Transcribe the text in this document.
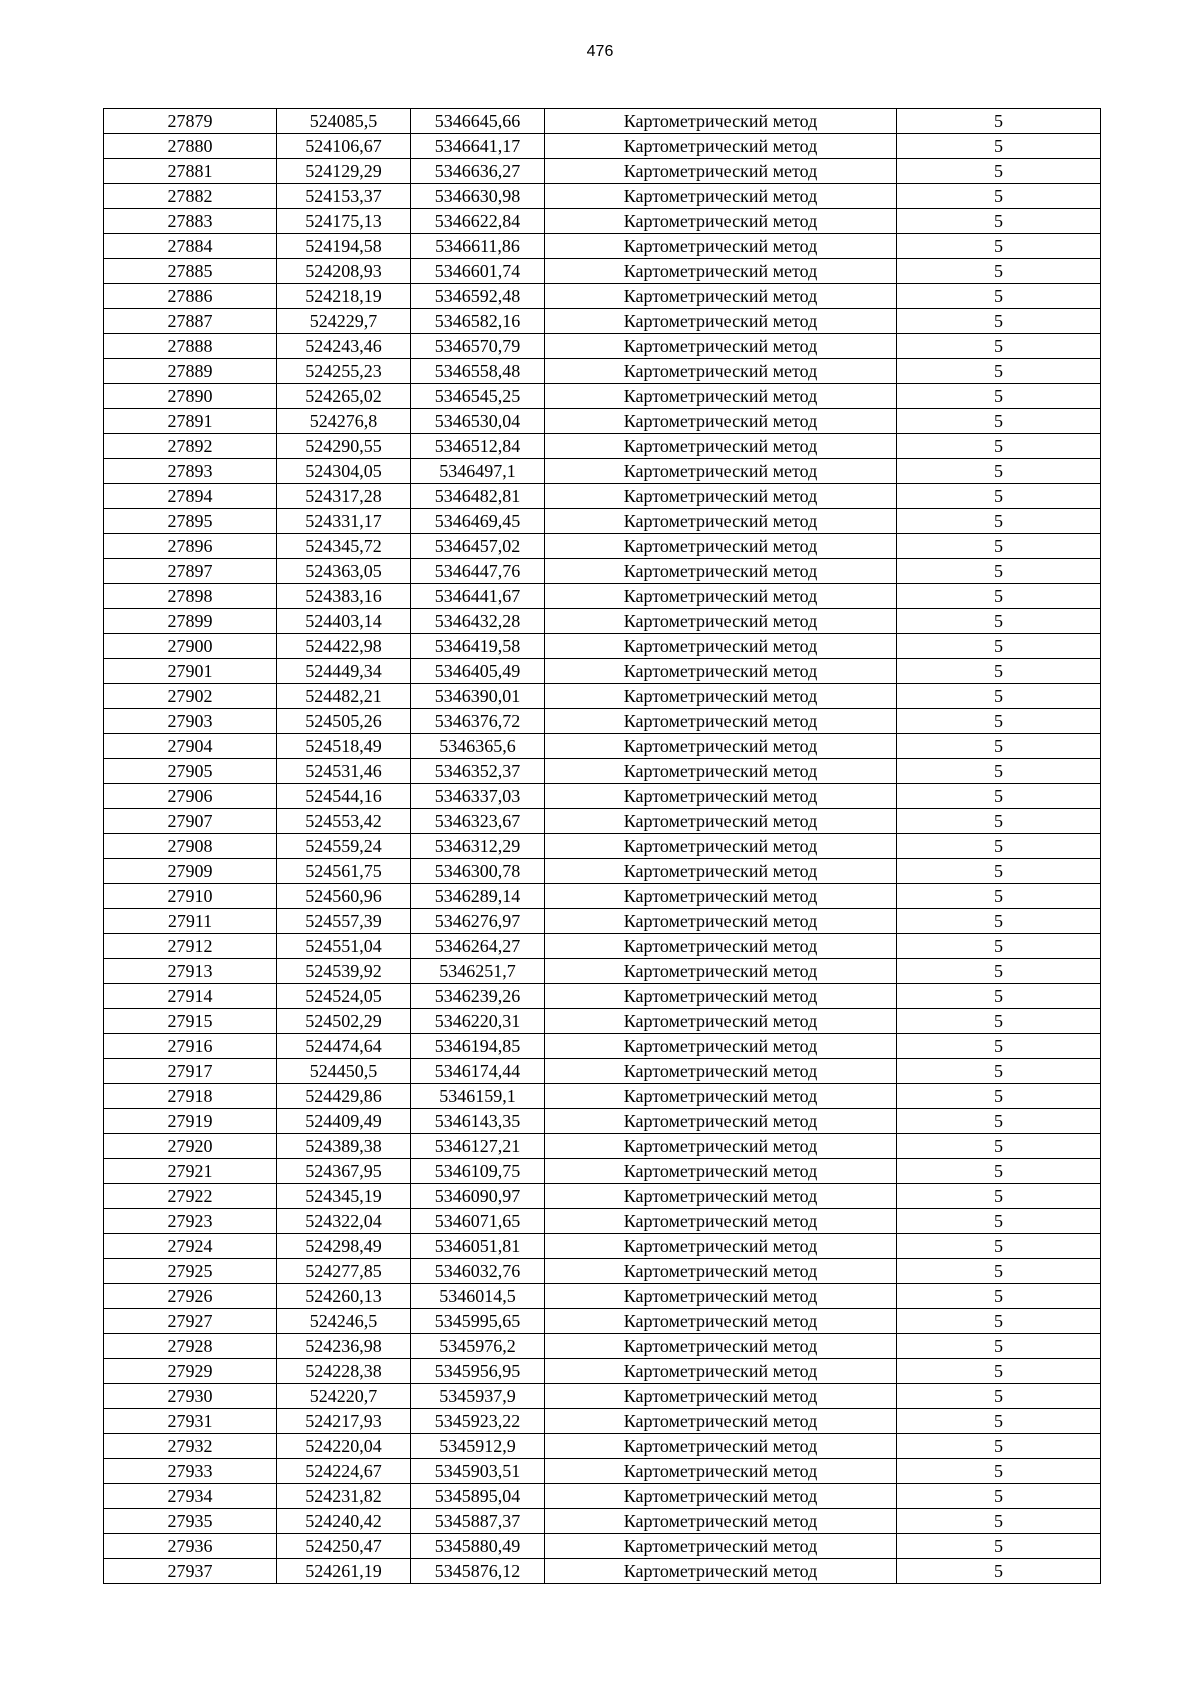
476
27879	524085,5	5346645,66	Картометрический метод	5
27880	524106,67	5346641,17	Картометрический метод	5
27881	524129,29	5346636,27	Картометрический метод	5
27882	524153,37	5346630,98	Картометрический метод	5
27883	524175,13	5346622,84	Картометрический метод	5
27884	524194,58	5346611,86	Картометрический метод	5
27885	524208,93	5346601,74	Картометрический метод	5
27886	524218,19	5346592,48	Картометрический метод	5
27887	524229,7	5346582,16	Картометрический метод	5
27888	524243,46	5346570,79	Картометрический метод	5
27889	524255,23	5346558,48	Картометрический метод	5
27890	524265,02	5346545,25	Картометрический метод	5
27891	524276,8	5346530,04	Картометрический метод	5
27892	524290,55	5346512,84	Картометрический метод	5
27893	524304,05	5346497,1	Картометрический метод	5
27894	524317,28	5346482,81	Картометрический метод	5
27895	524331,17	5346469,45	Картометрический метод	5
27896	524345,72	5346457,02	Картометрический метод	5
27897	524363,05	5346447,76	Картометрический метод	5
27898	524383,16	5346441,67	Картометрический метод	5
27899	524403,14	5346432,28	Картометрический метод	5
27900	524422,98	5346419,58	Картометрический метод	5
27901	524449,34	5346405,49	Картометрический метод	5
27902	524482,21	5346390,01	Картометрический метод	5
27903	524505,26	5346376,72	Картометрический метод	5
27904	524518,49	5346365,6	Картометрический метод	5
27905	524531,46	5346352,37	Картометрический метод	5
27906	524544,16	5346337,03	Картометрический метод	5
27907	524553,42	5346323,67	Картометрический метод	5
27908	524559,24	5346312,29	Картометрический метод	5
27909	524561,75	5346300,78	Картометрический метод	5
27910	524560,96	5346289,14	Картометрический метод	5
27911	524557,39	5346276,97	Картометрический метод	5
27912	524551,04	5346264,27	Картометрический метод	5
27913	524539,92	5346251,7	Картометрический метод	5
27914	524524,05	5346239,26	Картометрический метод	5
27915	524502,29	5346220,31	Картометрический метод	5
27916	524474,64	5346194,85	Картометрический метод	5
27917	524450,5	5346174,44	Картометрический метод	5
27918	524429,86	5346159,1	Картометрический метод	5
27919	524409,49	5346143,35	Картометрический метод	5
27920	524389,38	5346127,21	Картометрический метод	5
27921	524367,95	5346109,75	Картометрический метод	5
27922	524345,19	5346090,97	Картометрический метод	5
27923	524322,04	5346071,65	Картометрический метод	5
27924	524298,49	5346051,81	Картометрический метод	5
27925	524277,85	5346032,76	Картометрический метод	5
27926	524260,13	5346014,5	Картометрический метод	5
27927	524246,5	5345995,65	Картометрический метод	5
27928	524236,98	5345976,2	Картометрический метод	5
27929	524228,38	5345956,95	Картометрический метод	5
27930	524220,7	5345937,9	Картометрический метод	5
27931	524217,93	5345923,22	Картометрический метод	5
27932	524220,04	5345912,9	Картометрический метод	5
27933	524224,67	5345903,51	Картометрический метод	5
27934	524231,82	5345895,04	Картометрический метод	5
27935	524240,42	5345887,37	Картометрический метод	5
27936	524250,47	5345880,49	Картометрический метод	5
27937	524261,19	5345876,12	Картометрический метод	5
